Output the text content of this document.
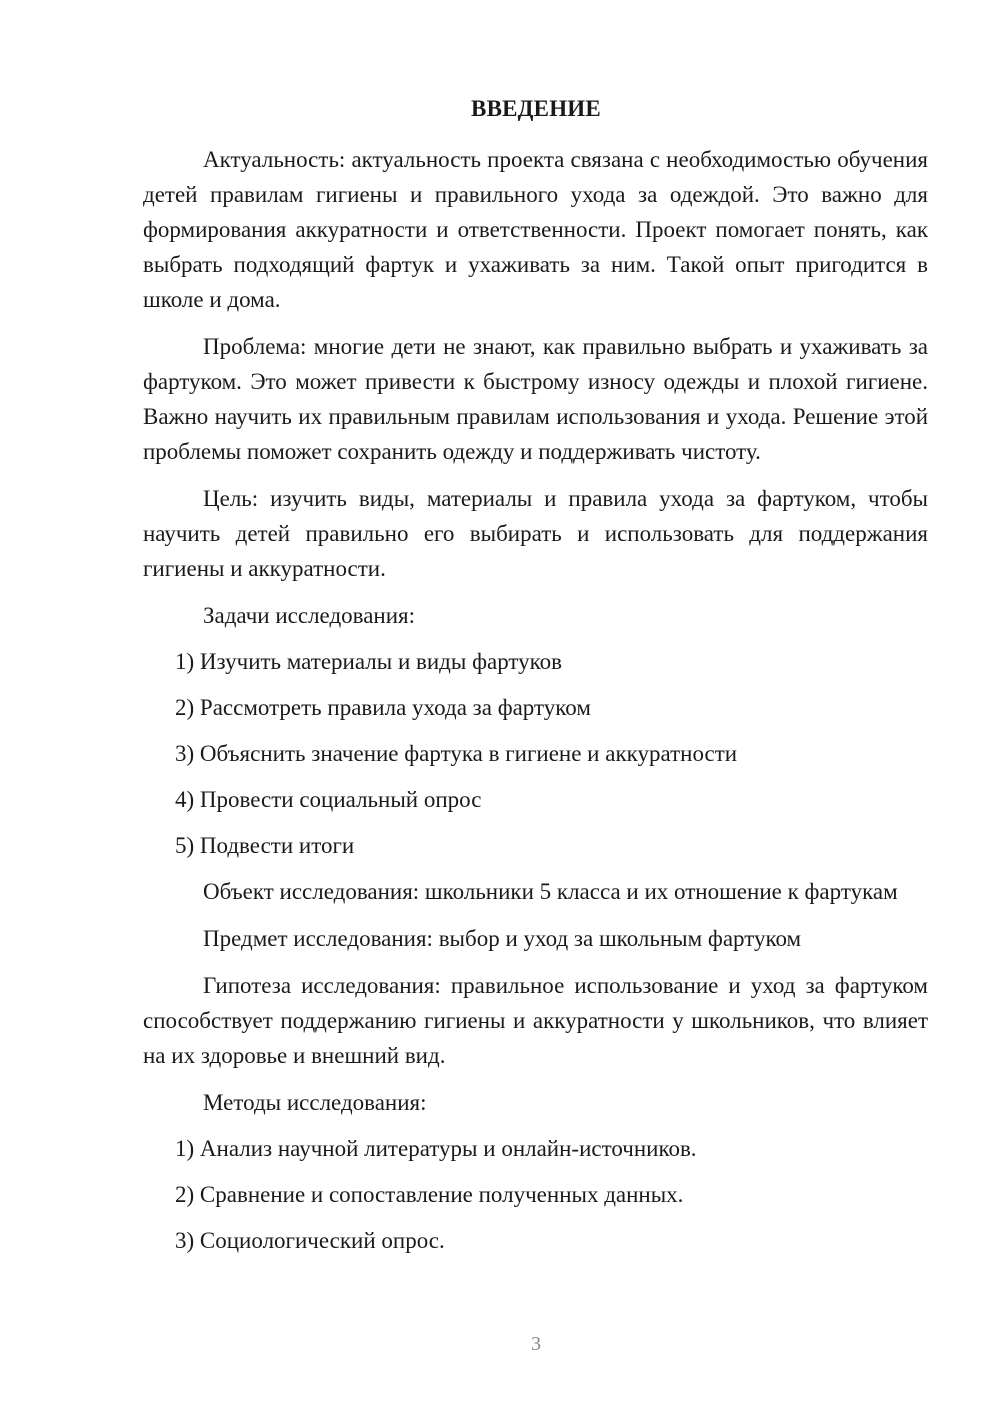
ВВЕДЕНИЕ

Актуальность: актуальность проекта связана с необходимостью обучения детей правилам гигиены и правильного ухода за одеждой. Это важно для формирования аккуратности и ответственности. Проект помогает понять, как выбрать подходящий фартук и ухаживать за ним. Такой опыт пригодится в школе и дома.

Проблема: многие дети не знают, как правильно выбрать и ухаживать за фартуком. Это может привести к быстрому износу одежды и плохой гигиене. Важно научить их правильным правилам использования и ухода. Решение этой проблемы поможет сохранить одежду и поддерживать чистоту.

Цель: изучить виды, материалы и правила ухода за фартуком, чтобы научить детей правильно его выбирать и использовать для поддержания гигиены и аккуратности.

Задачи исследования:

1) Изучить материалы и виды фартуков

2) Рассмотреть правила ухода за фартуком

3) Объяснить значение фартука в гигиене и аккуратности

4) Провести социальный опрос

5) Подвести итоги

Объект исследования: школьники 5 класса и их отношение к фартукам

Предмет исследования: выбор и уход за школьным фартуком

Гипотеза исследования: правильное использование и уход за фартуком способствует поддержанию гигиены и аккуратности у школьников, что влияет на их здоровье и внешний вид.

Методы исследования:

1) Анализ научной литературы и онлайн-источников.

2) Сравнение и сопоставление полученных данных.

3) Социологический опрос.

3
